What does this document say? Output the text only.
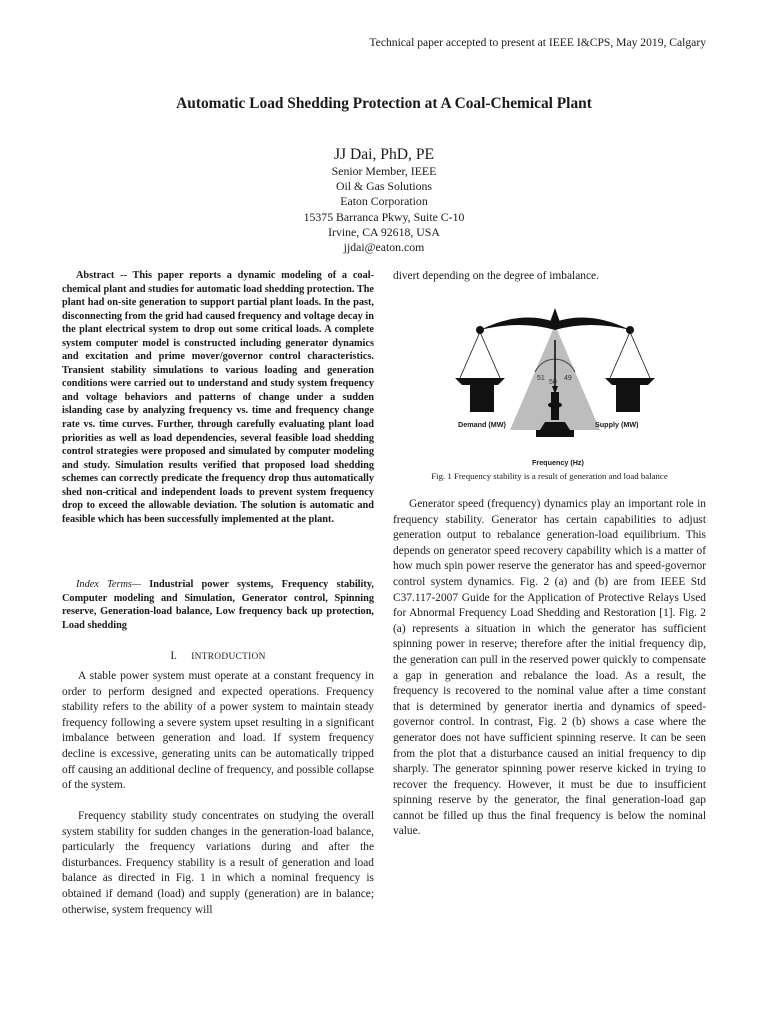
Technical paper accepted to present at IEEE I&CPS, May 2019, Calgary
Automatic Load Shedding Protection at A Coal-Chemical Plant
JJ Dai, PhD, PE
Senior Member, IEEE
Oil & Gas Solutions
Eaton Corporation
15375 Barranca Pkwy, Suite C-10
Irvine, CA 92618, USA
jjdai@eaton.com
Abstract -- This paper reports a dynamic modeling of a coal-chemical plant and studies for automatic load shedding protection. The plant had on-site generation to support partial plant loads. In the past, disconnecting from the grid had caused frequency and voltage decay in the plant electrical system to drop out some critical loads. A complete system computer model is constructed including generator dynamics and excitation and prime mover/governor control characteristics. Transient stability simulations to various loading and generation conditions were carried out to understand and study system frequency and voltage behaviors and patterns of change under a sudden islanding case by analyzing frequency vs. time and frequency change rate vs. time curves. Further, through carefully evaluating plant load priorities as well as load dependencies, several feasible load shedding control strategies were proposed and simulated by computer modeling and study. Simulation results verified that proposed load shedding schemes can correctly predicate the frequency drop thus automatically shed non-critical and independent loads to prevent system frequency drop to exceed the allowable deviation. The solution is automatic and feasible which has been successfully implemented at the plant.
Index Terms— Industrial power systems, Frequency stability, Computer modeling and Simulation, Generator control, Spinning reserve, Generation-load balance, Low frequency back up protection, Load shedding
I. INTRODUCTION
A stable power system must operate at a constant frequency in order to perform designed and expected operations. Frequency stability refers to the ability of a power system to maintain steady frequency following a severe system upset resulting in a significant imbalance between generation and load. If system frequency decline is excessive, generating units can be automatically tripped off causing an additional decline of frequency, and possible collapse of the system.
Frequency stability study concentrates on studying the overall system stability for sudden changes in the generation-load balance, particularly the frequency variations during and after the disturbances. Frequency stability is a result of generation and load balance as directed in Fig. 1 in which a nominal frequency is obtained if demand (load) and supply (generation) are in balance; otherwise, system frequency will
divert depending on the degree of imbalance.
51
50
49
Demand (MW)	Supply (MW)
Frequency (Hz)
Fig. 1 Frequency stability is a result of generation and load balance
Generator speed (frequency) dynamics play an important role in frequency stability. Generator has certain capabilities to adjust generation output to rebalance generation-load equilibrium. This depends on generator speed recovery capability which is a matter of how much spin power reserve the generator has and speed-governor control system dynamics. Fig. 2 (a) and (b) are from IEEE Std C37.117-2007 Guide for the Application of Protective Relays Used for Abnormal Frequency Load Shedding and Restoration [1]. Fig. 2 (a) represents a situation in which the generator has sufficient spinning power in reserve; therefore after the initial frequency dip, the generation can pull in the reserved power quickly to compensate a gap in generation and rebalance the load. As a result, the frequency is recovered to the nominal value after a time constant that is determined by generator inertia and dynamics of speed-governor control. In contrast, Fig. 2 (b) shows a case where the generator does not have sufficient spinning reserve. It can be seen from the plot that a disturbance caused an initial frequency to dip sharply. The generator spinning power reserve kicked in trying to recover the frequency. However, it must be due to insufficient spinning reserve by the generator, the final generation-load gap cannot be filled up thus the final frequency is below the nominal value.
